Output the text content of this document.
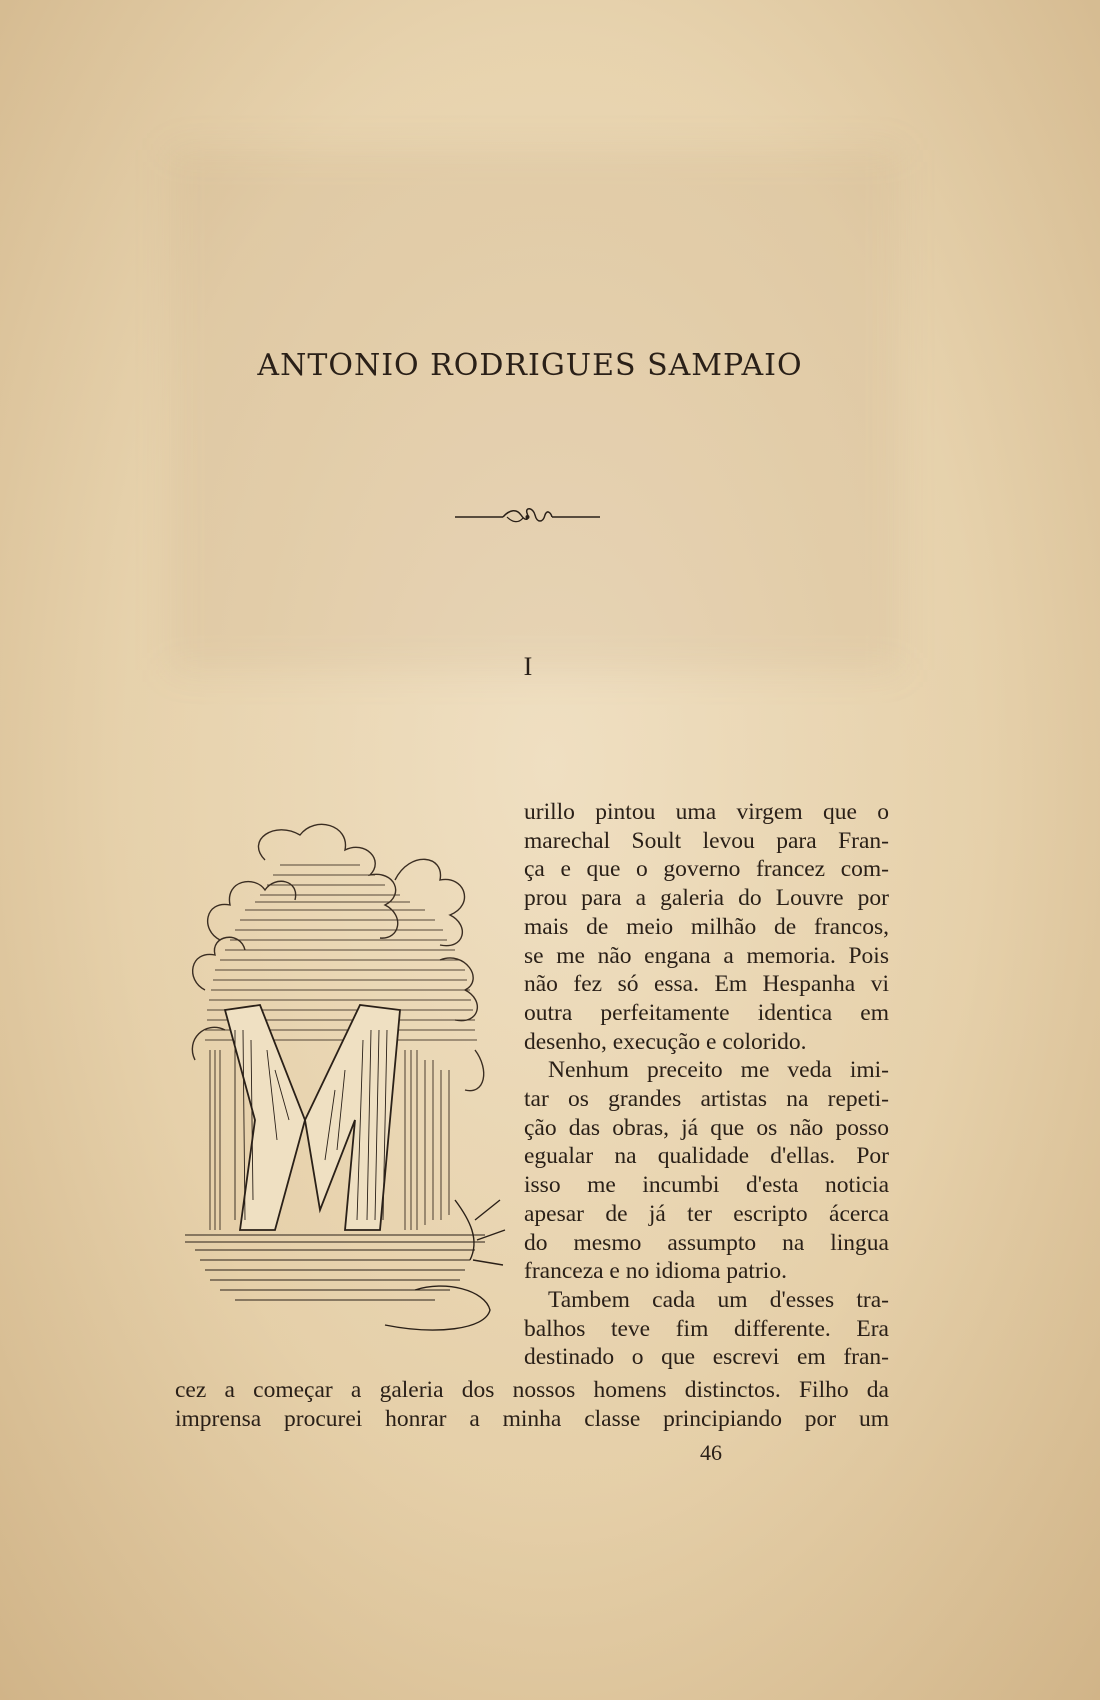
ANTONIO RODRIGUES SAMPAIO
I
urillo pintou uma virgem que o
marechal Soult levou para Fran-
ça e que o governo francez com-
prou para a galeria do Louvre por
mais de meio milhão de francos,
se me não engana a memoria. Pois
não fez só essa. Em Hespanha vi
outra perfeitamente identica em
desenho, execução e colorido.
Nenhum preceito me veda imi-
tar os grandes artistas na repeti-
ção das obras, já que os não posso
egualar na qualidade d'ellas. Por
isso me incumbi d'esta noticia
apesar de já ter escripto ácerca
do mesmo assumpto na lingua
franceza e no idioma patrio.
Tambem cada um d'esses tra-
balhos teve fim differente. Era
destinado o que escrevi em fran-
cez a começar a galeria dos nossos homens distinctos. Filho da
imprensa procurei honrar a minha classe principiando por um
46
